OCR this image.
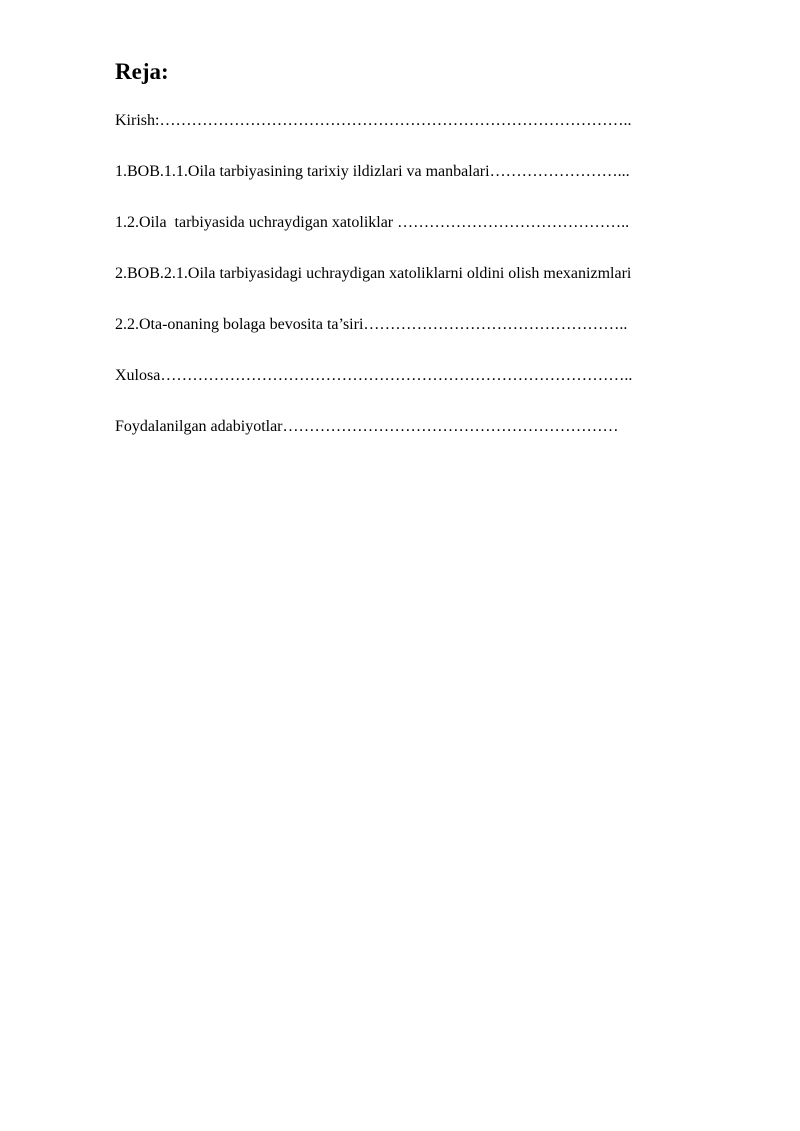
Reja:
Kirish:……………………………………………………………………………..
1.BOB.1.1.Oila tarbiyasining tarixiy ildizlari va manbalari……………………...
1.2.Oila  tarbiyasida uchraydigan xatoliklar ……………………………………..
2.BOB.2.1.Oila tarbiyasidagi uchraydigan xatoliklarni oldini olish mexanizmlari
2.2.Ota-onaning bolaga bevosita ta’siri…………………………………………..
Xulosa……………………………………………………………………………..
Foydalanilgan adabiyotlar………………………………………………………
